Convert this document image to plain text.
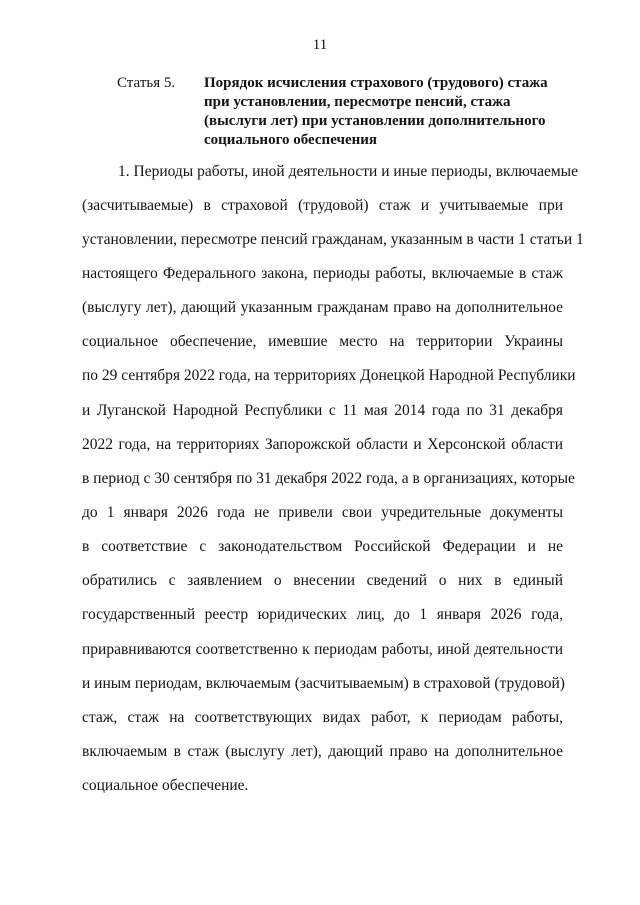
11
Статья 5.	Порядок исчисления страхового (трудового) стажа
при установлении, пересмотре пенсий, стажа
(выслуги лет) при установлении дополнительного
социального обеспечения
1. Периоды работы, иной деятельности и иные периоды, включаемые
(засчитываемые) в страховой (трудовой) стаж и учитываемые при
установлении, пересмотре пенсий гражданам, указанным в части 1 статьи 1
настоящего Федерального закона, периоды работы, включаемые в стаж
(выслугу лет), дающий указанным гражданам право на дополнительное
социальное обеспечение, имевшие место на территории Украины
по 29 сентября 2022 года, на территориях Донецкой Народной Республики
и Луганской Народной Республики с 11 мая 2014 года по 31 декабря
2022 года, на территориях Запорожской области и Херсонской области
в период с 30 сентября по 31 декабря 2022 года, а в организациях, которые
до 1 января 2026 года не привели свои учредительные документы
в соответствие с законодательством Российской Федерации и не
обратились с заявлением о внесении сведений о них в единый
государственный реестр юридических лиц, до 1 января 2026 года,
приравниваются соответственно к периодам работы, иной деятельности
и иным периодам, включаемым (засчитываемым) в страховой (трудовой)
стаж, стаж на соответствующих видах работ, к периодам работы,
включаемым в стаж (выслугу лет), дающий право на дополнительное
социальное обеспечение.
